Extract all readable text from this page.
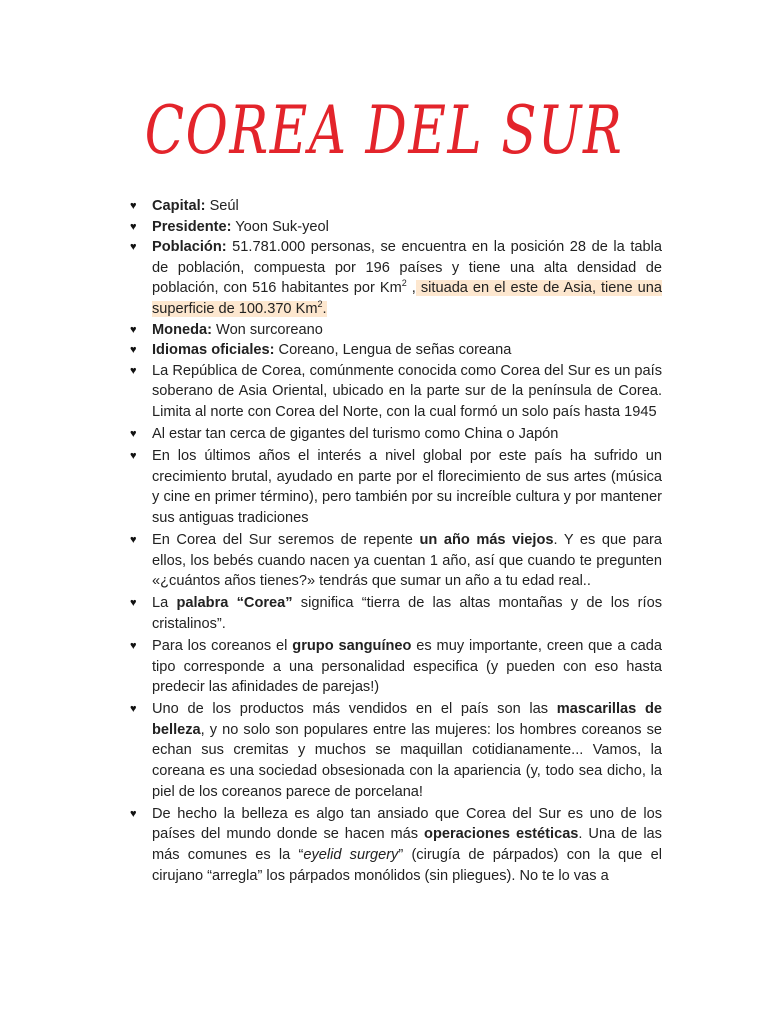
COREA DEL SUR
♥	Capital: Seúl
♥	Presidente: Yoon Suk-yeol
♥	Población: 51.781.000 personas, se encuentra en la posición 28 de la tabla de población, compuesta por 196 países y tiene una alta densidad de población, con 516 habitantes por Km$^2$ , situada en el este de Asia, tiene una superficie de 100.370 Km$^2$.
♥	Moneda: Won surcoreano
♥	Idiomas oficiales: Coreano, Lengua de señas coreana
♥	La República de Corea, comúnmente conocida como Corea del Sur es un país soberano de Asia Oriental, ubicado en la parte sur de la península de Corea. Limita al norte con Corea del Norte, con la cual formó un solo país hasta 1945
♥	Al estar tan cerca de gigantes del turismo como China o Japón
♥	En los últimos años el interés a nivel global por este país ha sufrido un crecimiento brutal, ayudado en parte por el florecimiento de sus artes (música y cine en primer término), pero también por su increíble cultura y por mantener sus antiguas tradiciones
♥	En Corea del Sur seremos de repente un año más viejos. Y es que para ellos, los bebés cuando nacen ya cuentan 1 año, así que cuando te pregunten «¿cuántos años tienes?» tendrás que sumar un año a tu edad real..
♥	La palabra “Corea” significa “tierra de las altas montañas y de los ríos cristalinos”.
♥	Para los coreanos el grupo sanguíneo es muy importante, creen que a cada tipo corresponde a una personalidad especifica (y pueden con eso hasta predecir las afinidades de parejas!)
♥	Uno de los productos más vendidos en el país son las mascarillas de belleza, y no solo son populares entre las mujeres: los hombres coreanos se echan sus cremitas y muchos se maquillan cotidianamente... Vamos, la coreana es una sociedad obsesionada con la apariencia (y, todo sea dicho, la piel de los coreanos parece de porcelana!
♥	De hecho la belleza es algo tan ansiado que Corea del Sur es uno de los países del mundo donde se hacen más operaciones estéticas. Una de las más comunes es la “eyelid surgery” (cirugía de párpados) con la que el cirujano “arregla” los párpados monólidos (sin pliegues). No te lo vas a
